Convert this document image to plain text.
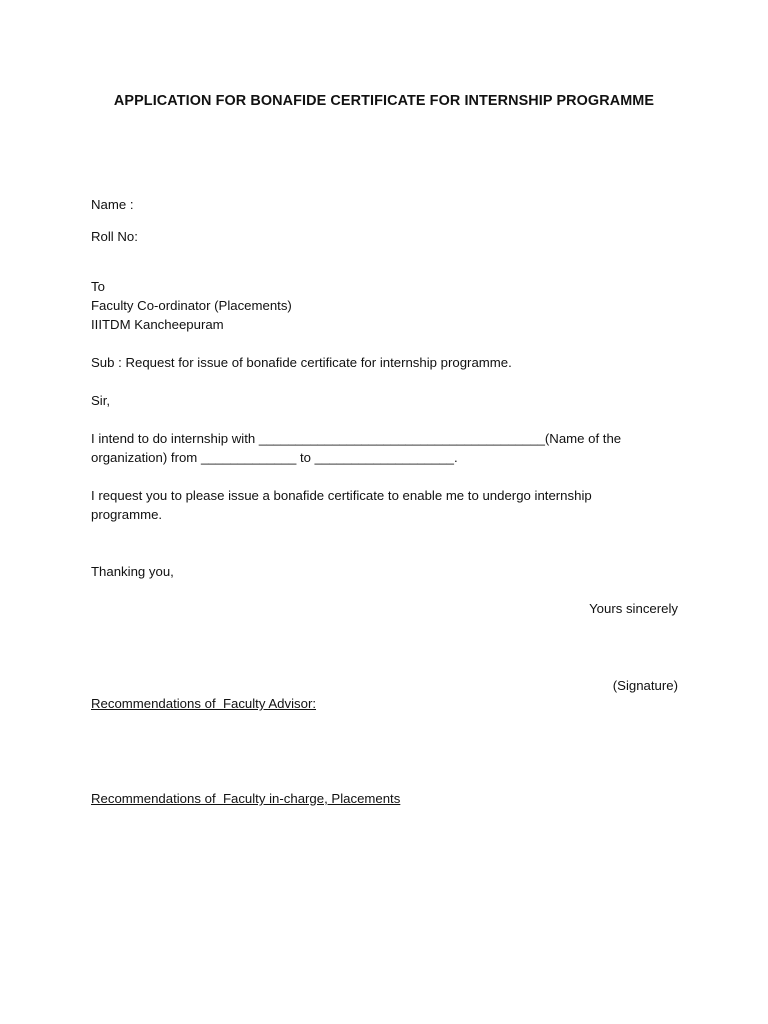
APPLICATION FOR BONAFIDE CERTIFICATE FOR INTERNSHIP PROGRAMME
Name :
Roll No:
To
Faculty Co-ordinator (Placements)
IIITDM Kancheepuram
Sub : Request for issue of bonafide certificate for internship programme.
Sir,
I intend to do internship with _______________________________________(Name of the
organization) from _____________ to ___________________.
I request you to please issue a bonafide certificate to enable me to undergo internship
programme.
Thanking you,
Yours sincerely
(Signature)
Recommendations of  Faculty Advisor:
Recommendations of  Faculty in-charge, Placements
